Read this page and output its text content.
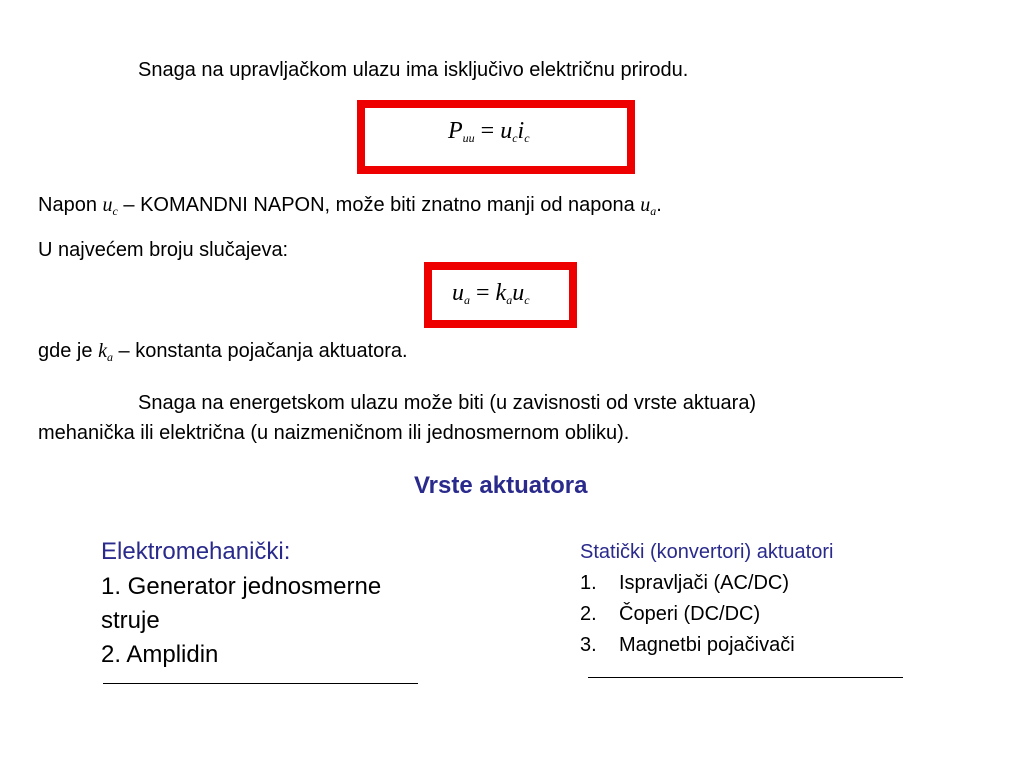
Snaga na upravljačkom ulazu ima isključivo električnu prirodu.
$P_{uu} = u_ci_c$
Napon $u_c$ – KOMANDNI NAPON, može biti znatno manji od napona $u_a$.
U najvećem broju slučajeva:
$u_a = k_au_c$
gde je $k_a$ – konstanta pojačanja aktuatora.
Snaga na energetskom ulazu može biti (u zavisnosti od vrste aktuara)
mehanička ili električna (u naizmeničnom ili jednosmernom obliku).
Vrste aktuatora
Elektromehanički:
1. Generator jednosmerne
struje
2. Amplidin
Statički (konvertori) aktuatori
1. Ispravljači (AC/DC)
2. Čoperi (DC/DC)
3. Magnetbi pojačivači
